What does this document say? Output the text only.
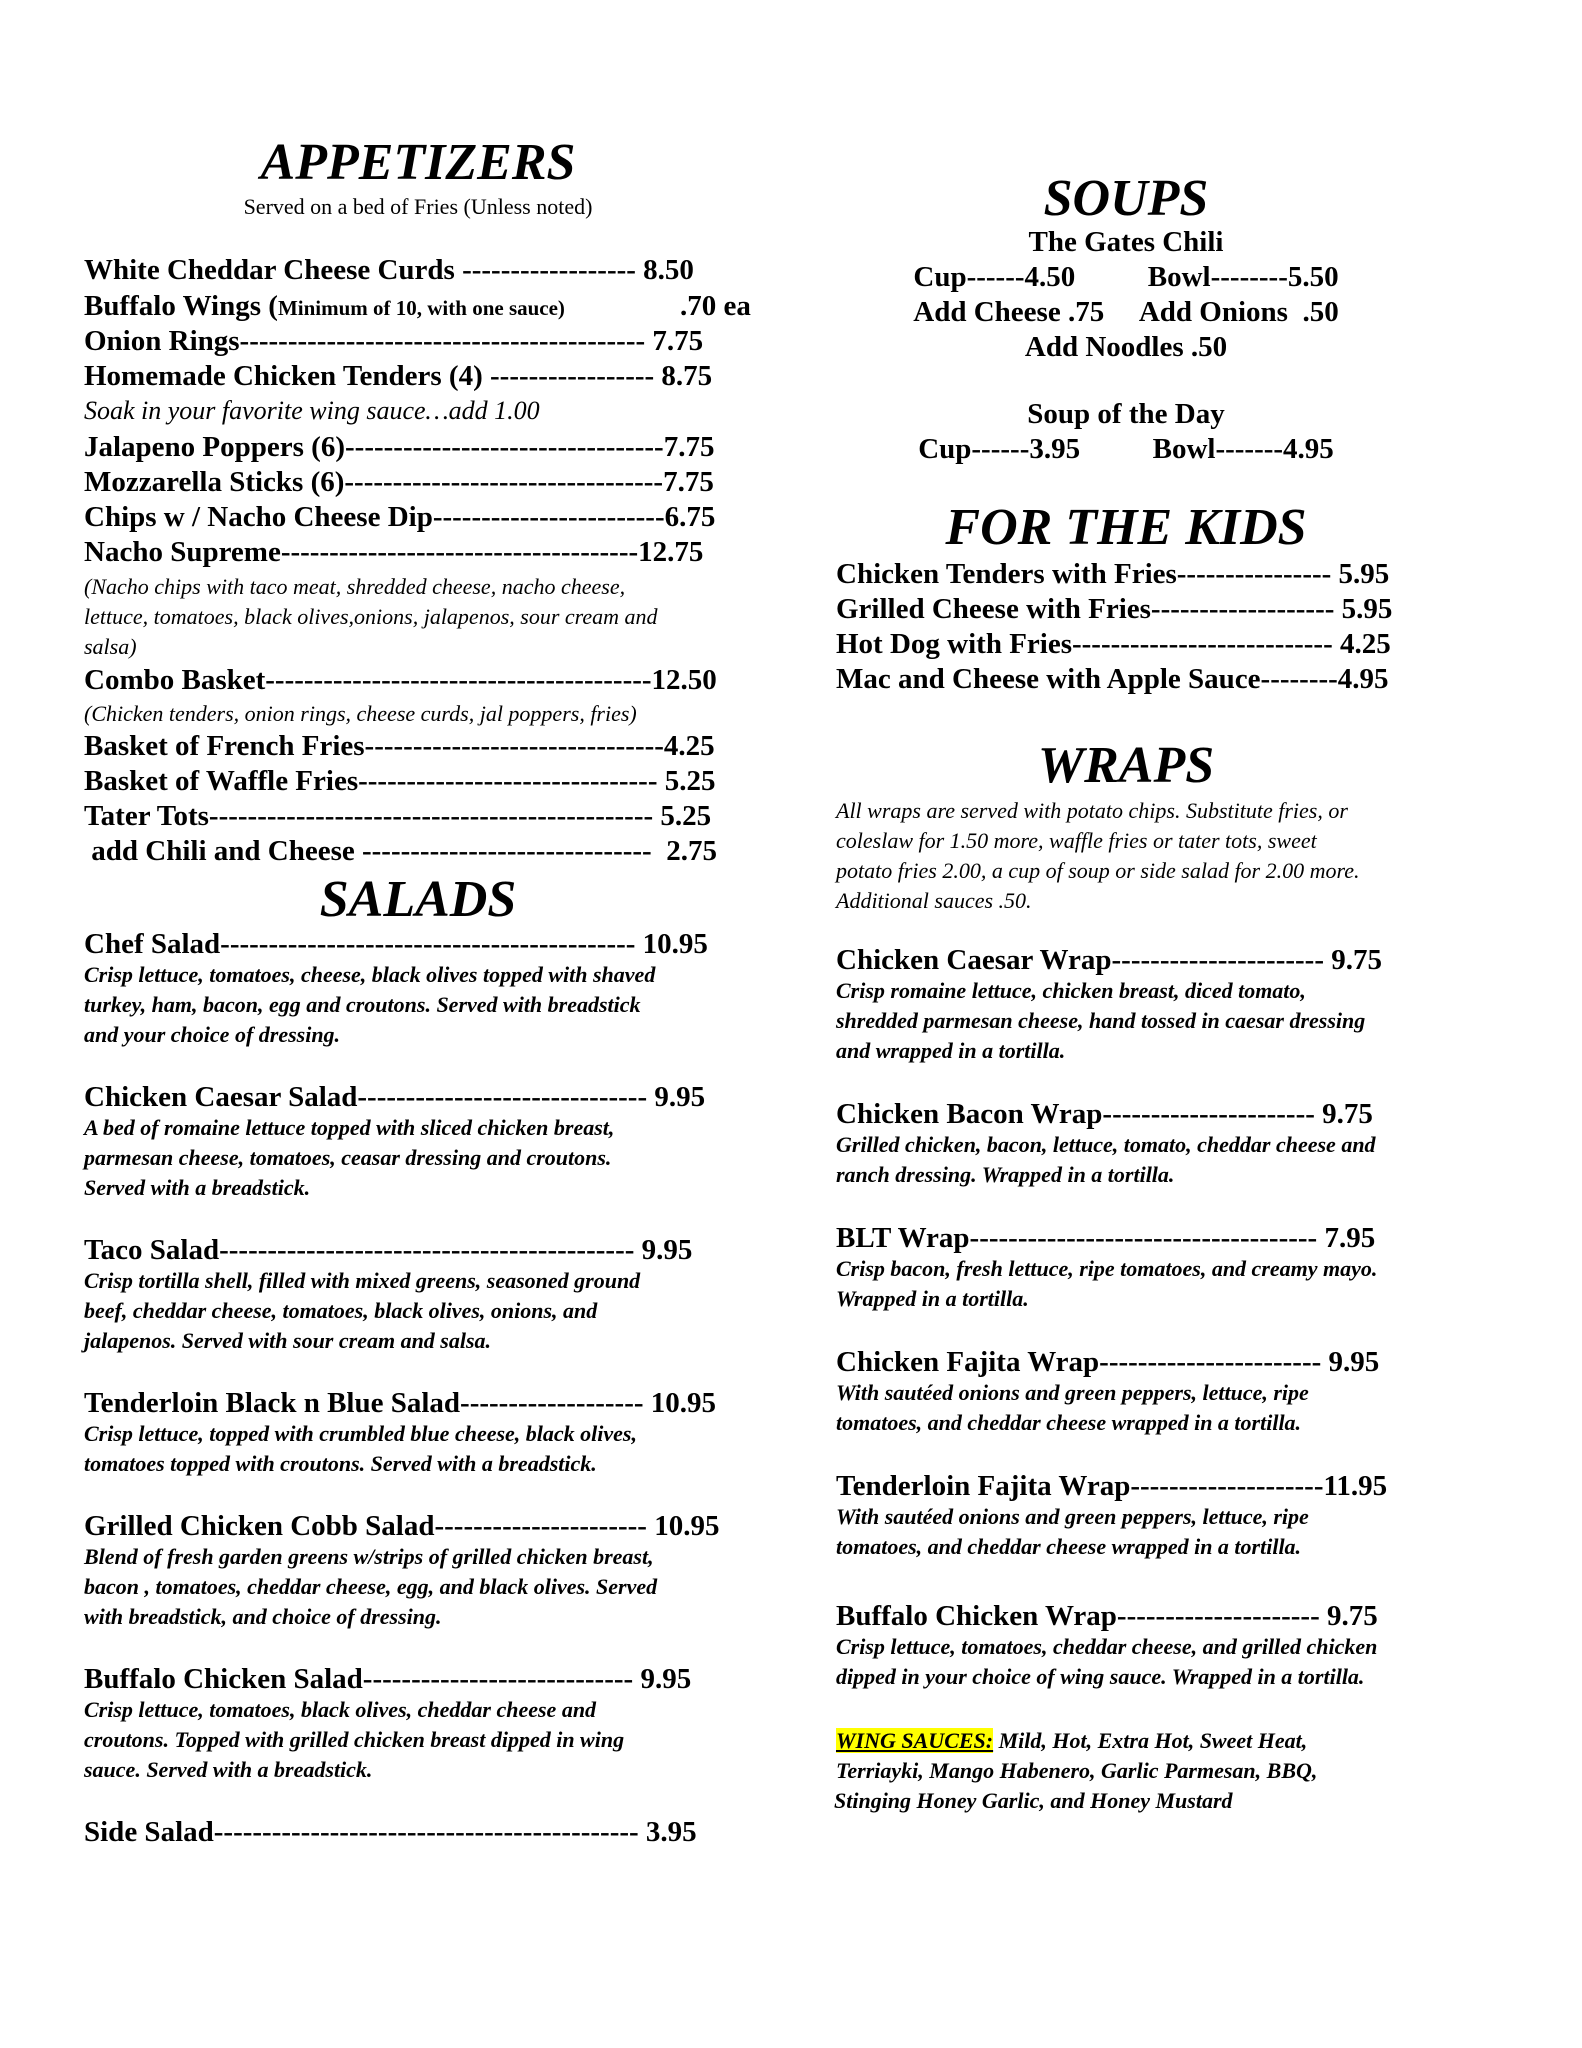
APPETIZERS
Served on a bed of Fries (Unless noted)
White Cheddar Cheese Curds ------------------ 8.50
Buffalo Wings (Minimum of 10, with one sauce)	.70 ea
Onion Rings------------------------------------------ 7.75
Homemade Chicken Tenders (4) ----------------- 8.75
Soak in your favorite wing sauce…add 1.00
Jalapeno Poppers (6)---------------------------------7.75
Mozzarella Sticks (6)---------------------------------7.75
Chips w / Nacho Cheese Dip------------------------6.75
Nacho Supreme-------------------------------------12.75
(Nacho chips with taco meat, shredded cheese, nacho cheese,
lettuce, tomatoes, black olives,onions, jalapenos, sour cream and
salsa)
Combo Basket----------------------------------------12.50
(Chicken tenders, onion rings, cheese curds, jal poppers, fries)
Basket of French Fries-------------------------------4.25
Basket of Waffle Fries------------------------------- 5.25
Tater Tots---------------------------------------------- 5.25
add Chili and Cheese ------------------------------  2.75
SALADS
Chef Salad------------------------------------------- 10.95
Crisp lettuce, tomatoes, cheese, black olives topped with shaved
turkey, ham, bacon, egg and croutons. Served with breadstick
and your choice of dressing.
Chicken Caesar Salad------------------------------ 9.95
A bed of romaine lettuce topped with sliced chicken breast,
parmesan cheese, tomatoes, ceasar dressing and croutons.
Served with a breadstick.
Taco Salad------------------------------------------- 9.95
Crisp tortilla shell, filled with mixed greens, seasoned ground
beef, cheddar cheese, tomatoes, black olives, onions, and
jalapenos. Served with sour cream and salsa.
Tenderloin Black n Blue Salad------------------- 10.95
Crisp lettuce, topped with crumbled blue cheese, black olives,
tomatoes topped with croutons. Served with a breadstick.
Grilled Chicken Cobb Salad---------------------- 10.95
Blend of fresh garden greens w/strips of grilled chicken breast,
bacon , tomatoes, cheddar cheese, egg, and black olives. Served
with breadstick, and choice of dressing.
Buffalo Chicken Salad---------------------------- 9.95
Crisp lettuce, tomatoes, black olives, cheddar cheese and
croutons. Topped with grilled chicken breast dipped in wing
sauce. Served with a breadstick.
Side Salad-------------------------------------------- 3.95
SOUPS
The Gates Chili
Cup------4.50          Bowl--------5.50
Add Cheese .75     Add Onions  .50
Add Noodles .50
Soup of the Day
Cup------3.95          Bowl-------4.95
FOR THE KIDS
Chicken Tenders with Fries---------------- 5.95
Grilled Cheese with Fries------------------- 5.95
Hot Dog with Fries--------------------------- 4.25
Mac and Cheese with Apple Sauce--------4.95
WRAPS
All wraps are served with potato chips. Substitute fries, or
coleslaw for 1.50 more, waffle fries or tater tots, sweet
potato fries 2.00, a cup of soup or side salad for 2.00 more.
Additional sauces .50.
Chicken Caesar Wrap---------------------- 9.75
Crisp romaine lettuce, chicken breast, diced tomato,
shredded parmesan cheese, hand tossed in caesar dressing
and wrapped in a tortilla.
Chicken Bacon Wrap---------------------- 9.75
Grilled chicken, bacon, lettuce, tomato, cheddar cheese and
ranch dressing. Wrapped in a tortilla.
BLT Wrap------------------------------------ 7.95
Crisp bacon, fresh lettuce, ripe tomatoes, and creamy mayo.
Wrapped in a tortilla.
Chicken Fajita Wrap----------------------- 9.95
With sautéed onions and green peppers, lettuce, ripe
tomatoes, and cheddar cheese wrapped in a tortilla.
Tenderloin Fajita Wrap--------------------11.95
With sautéed onions and green peppers, lettuce, ripe
tomatoes, and cheddar cheese wrapped in a tortilla.
Buffalo Chicken Wrap--------------------- 9.75
Crisp lettuce, tomatoes, cheddar cheese, and grilled chicken
dipped in your choice of wing sauce. Wrapped in a tortilla.
WING SAUCES: Mild, Hot, Extra Hot, Sweet Heat,
Terriayki, Mango Habenero, Garlic Parmesan, BBQ,
Stinging Honey Garlic, and Honey Mustard
